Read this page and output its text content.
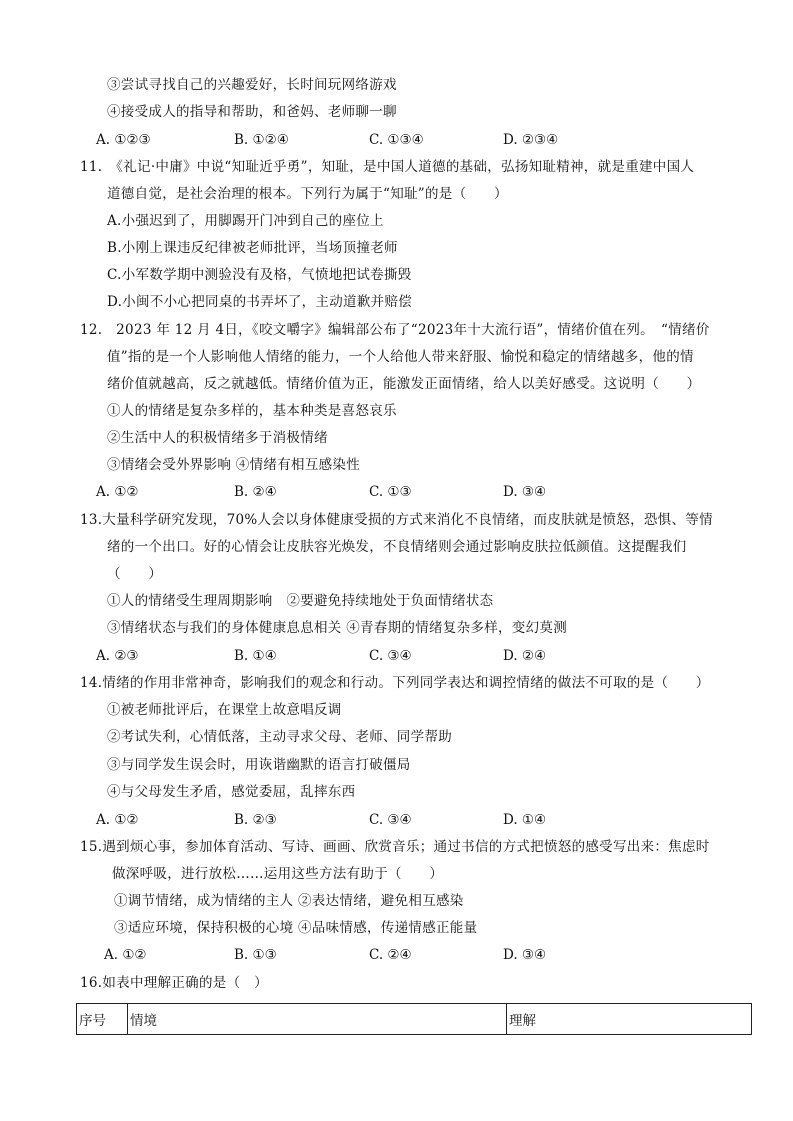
③尝试寻找自己的兴趣爱好，长时间玩网络游戏
④接受成人的指导和帮助，和爸妈、老师聊一聊
A. ①②③	B. ①②④	C. ①③④	D. ②③④
11.　《礼记·中庸》中说“知耻近乎勇”，知耻，是中国人道德的基础，弘扬知耻精神，就是重建中国人
道德自觉，是社会治理的根本。下列行为属于“知耻”的是（　　）
A.小强迟到了，用脚踢开门冲到自己的座位上
B.小刚上课违反纪律被老师批评，当场顶撞老师
C.小军数学期中测验没有及格，气愤地把试卷撕毁
D.小闽不小心把同桌的书弄坏了，主动道歉并赔偿
12.　2023 年 12 月 4日，《咬文嚼字》编辑部公布了“2023年十大流行语”，情绪价值在列。　“情绪价
值”指的是一个人影响他人情绪的能力，一个人给他人带来舒服、愉悦和稳定的情绪越多，他的情
绪价值就越高，反之就越低。情绪价值为正，能激发正面情绪，给人以美好感受。这说明（　　）
①人的情绪是复杂多样的，基本种类是喜怒哀乐
②生活中人的积极情绪多于消极情绪
③情绪会受外界影响 ④情绪有相互感染性
A. ①②	B. ②④	C. ①③	D. ③④
13.大量科学研究发现，70%人会以身体健康受损的方式来消化不良情绪，而皮肤就是愤怒，恐惧、等情
绪的一个出口。好的心情会让皮肤容光焕发，不良情绪则会通过影响皮肤拉低颜值。这提醒我们
（　　）
①人的情绪受生理周期影响　②要避免持续地处于负面情绪状态
③情绪状态与我们的身体健康息息相关 ④青春期的情绪复杂多样，变幻莫测
A. ②③	B. ①④	C. ③④	D. ②④
14.情绪的作用非常神奇，影响我们的观念和行动。下列同学表达和调控情绪的做法不可取的是（　　）
①被老师批评后，在课堂上故意唱反调
②考试失利，心情低落，主动寻求父母、老师、同学帮助
③与同学发生误会时，用诙谐幽默的语言打破僵局
④与父母发生矛盾，感觉委屈，乱摔东西
A. ①②	B. ②③	C. ③④	D. ①④
15.遇到烦心事，参加体育活动、写诗、画画、欣赏音乐；通过书信的方式把愤怒的感受写出来：焦虑时
做深呼吸，进行放松……运用这些方法有助于（　　）
①调节情绪，成为情绪的主人 ②表达情绪，避免相互感染
③适应环境，保持积极的心境 ④品味情感，传递情感正能量
A. ①②	B. ①③	C. ②④	D. ③④
16.如表中理解正确的是（　）
序号	情境	理解
